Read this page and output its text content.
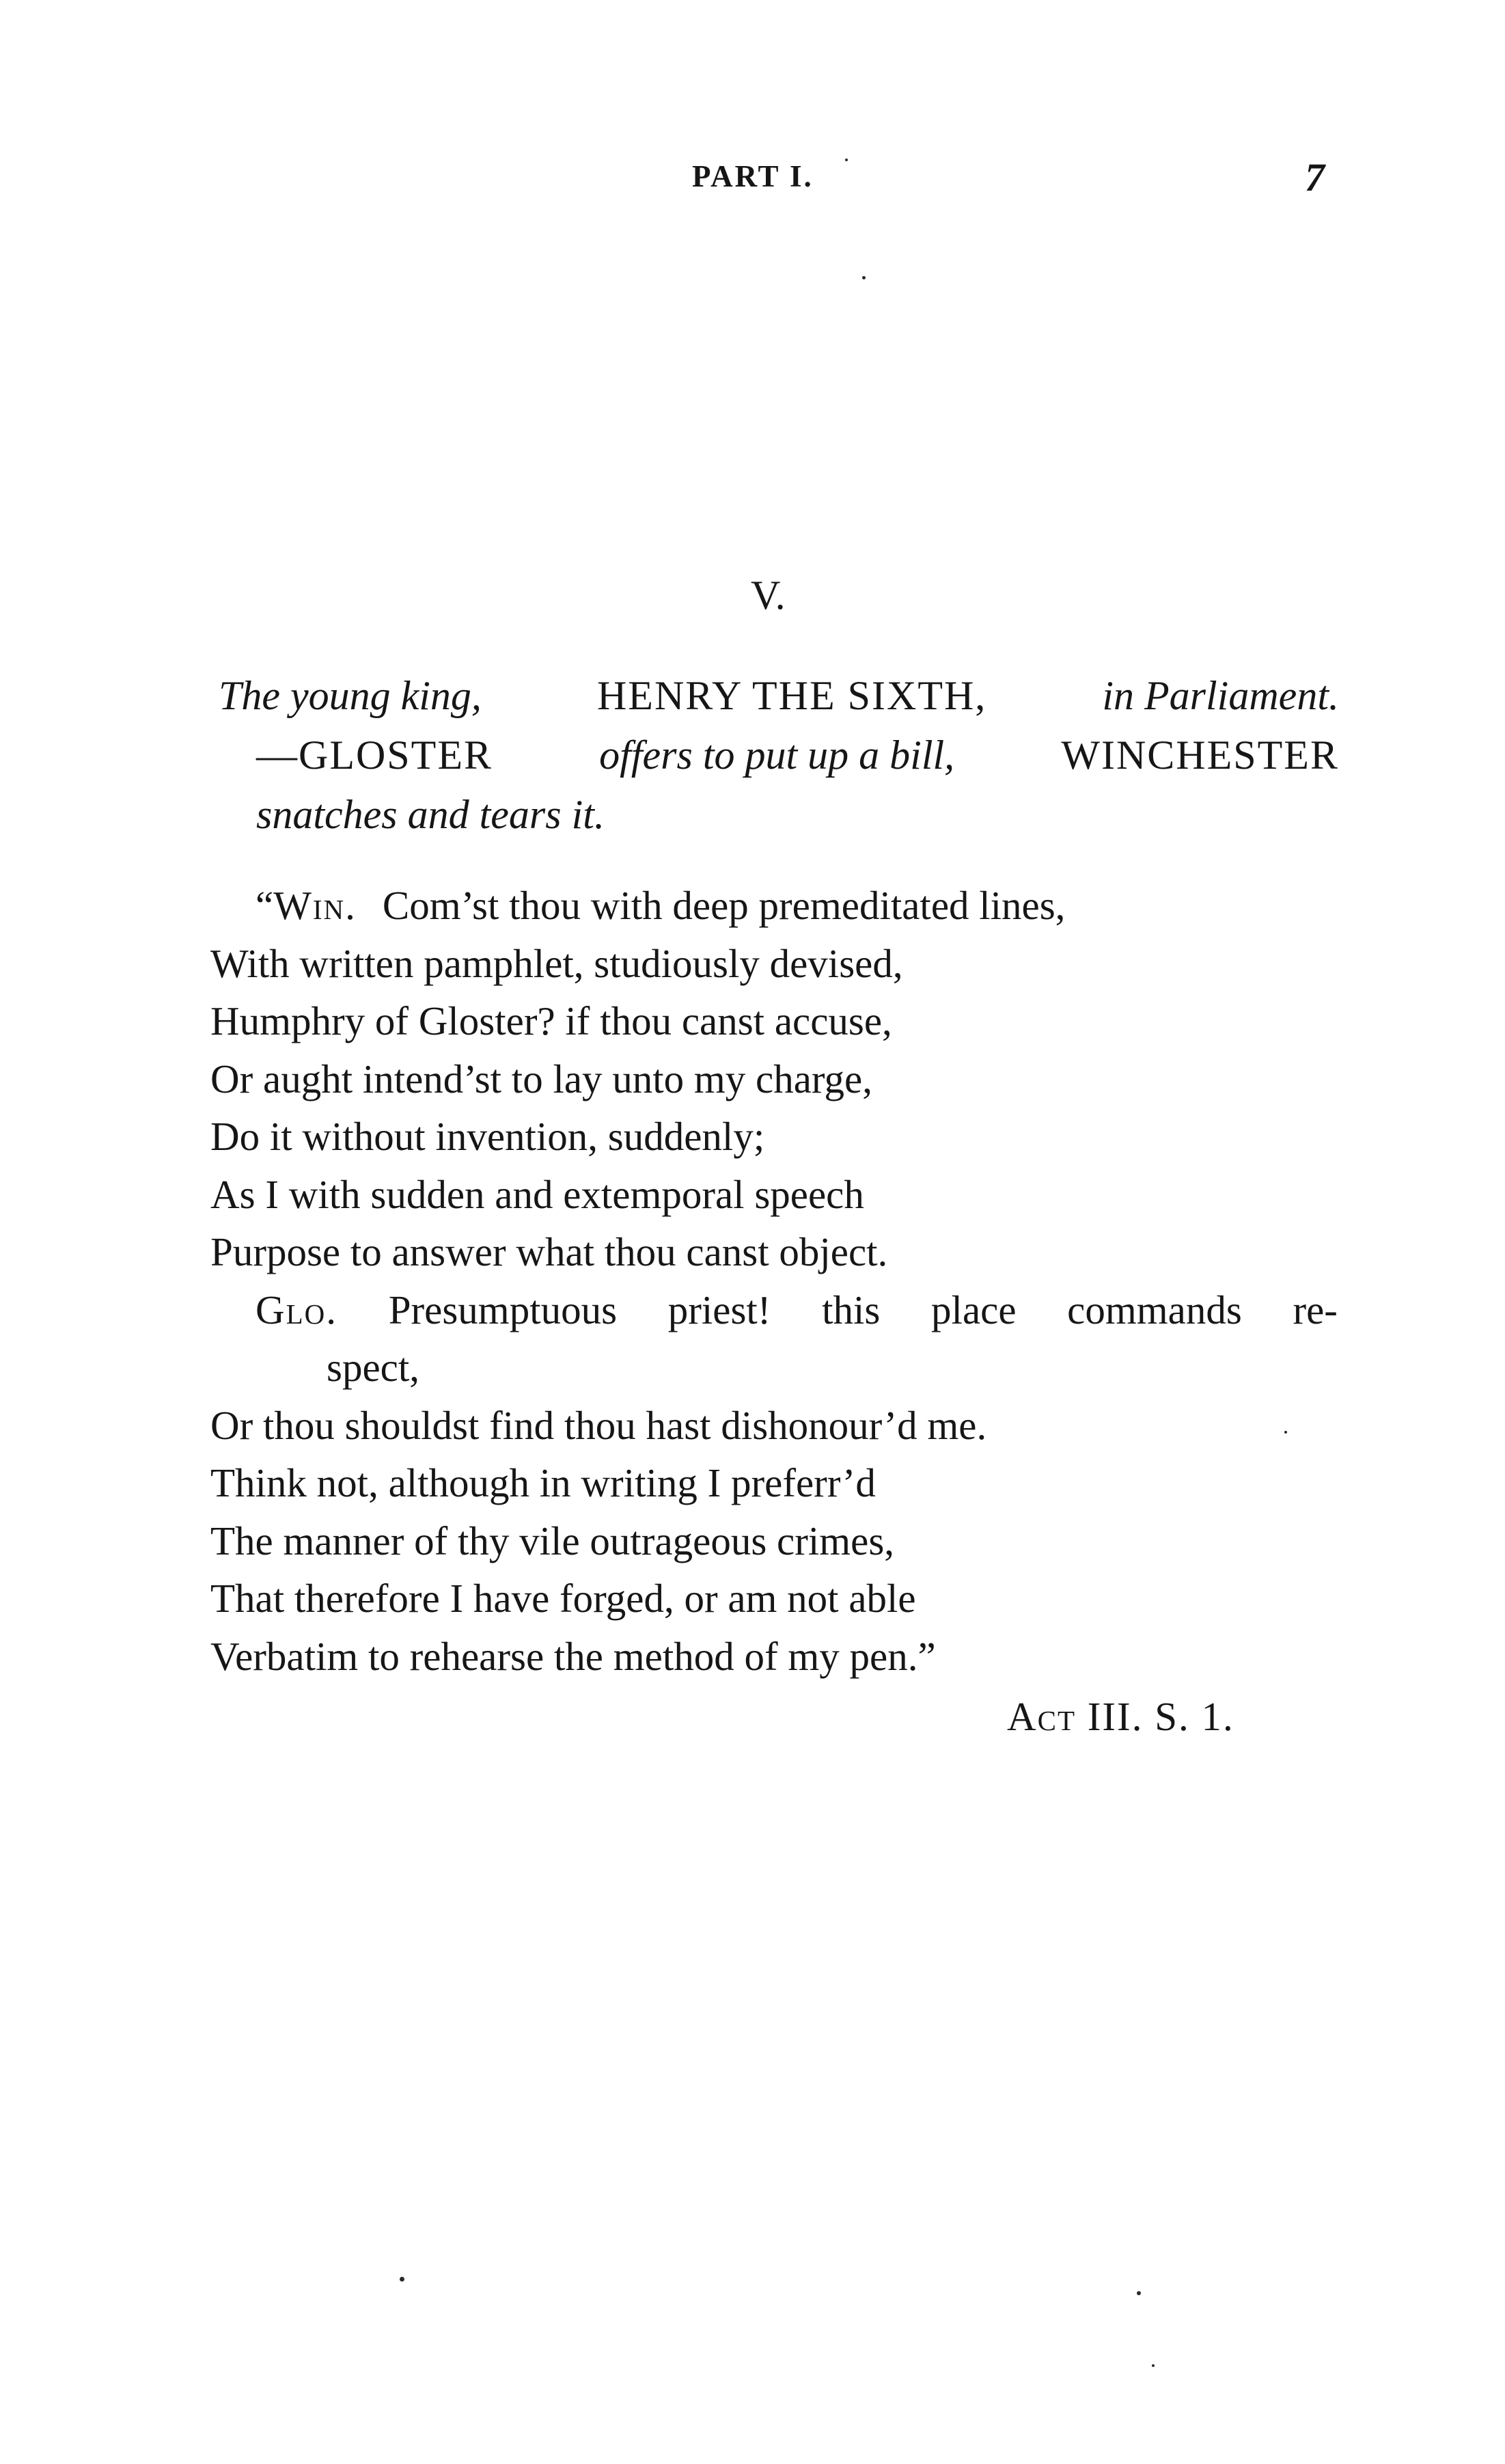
PART I.	7
V.
The young king,	HENRY THE SIXTH,	in Parliament.
—GLOSTER	offers to put up a bill,	WINCHESTER
snatches and tears it.
“Win. Com’st thou with deep premeditated lines,
With written pamphlet, studiously devised,
Humphry of Gloster? if thou canst accuse,
Or aught intend’st to lay unto my charge,
Do it without invention, suddenly;
As I with sudden and extemporal speech
Purpose to answer what thou canst object.
Glo. Presumptuous priest! this place commands re-
spect,
Or thou shouldst find thou hast dishonour’d me.
Think not, although in writing I preferr’d
The manner of thy vile outrageous crimes,
That therefore I have forged, or am not able
Verbatim to rehearse the method of my pen.”
Act III. S. 1.
